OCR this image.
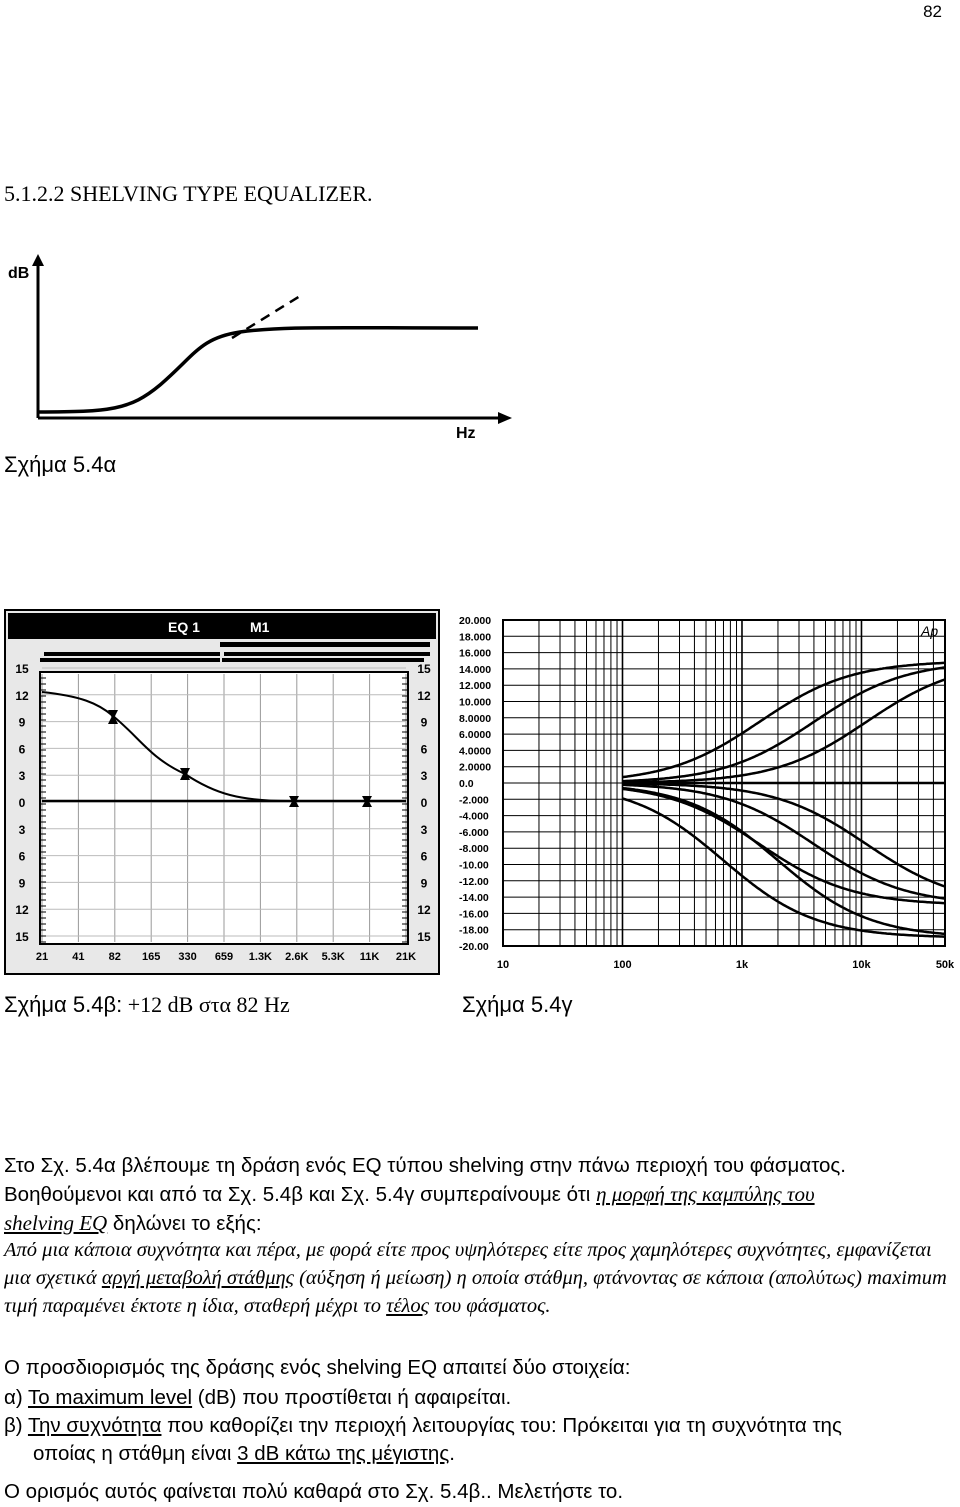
82
5.1.2.2 SHELVING TYPE EQUALIZER.
dB
Hz
Σχήμα 5.4α
EQ 1	M1
21 41 82 165 330 659 1.3K 2.6K 5.3K 11K 21K
15	15
12	12
9	9
6	6
3	3
0	0
3	3
6	6
9	9
12	12
15	15
20.000
18.000
16.000
14.000
12.000
10.000
8.0000
6.0000
4.0000
2.0000
0.0
-2.000
-4.000
-6.000
-8.000
-10.00
-12.00
-14.00
-16.00
-18.00
-20.00
10	100	1k	10k	50k
Ap
Σχήμα 5.4β: +12 dB στα 82 Hz	Σχήμα 5.4γ
Στο Σχ. 5.4α βλέπουμε τη δράση ενός EQ τύπου shelving στην πάνω περιοχή του φάσματος.
Βοηθούμενοι και από τα Σχ. 5.4β και Σχ. 5.4γ συμπεραίνουμε ότι η μορφή της καμπύλης του
shelving EQ δηλώνει το εξής:
Από μια κάποια συχνότητα και πέρα, με φορά είτε προς υψηλότερες είτε προς χαμηλότερες συχνότητες, εμφανίζεται μια σχετικά αργή μεταβολή στάθμης (αύξηση ή μείωση) η οποία στάθμη, φτάνοντας σε κάποια (απολύτως) maximum τιμή παραμένει έκτοτε η ίδια, σταθερή μέχρι το τέλος του φάσματος.
Ο προσδιορισμός της δράσης ενός shelving EQ απαιτεί δύο στοιχεία:
α) Το maximum level (dB) που προστίθεται ή αφαιρείται.
β) Την συχνότητα που καθορίζει την περιοχή λειτουργίας του: Πρόκειται για τη συχνότητα της
οποίας η στάθμη είναι 3 dB κάτω της μέγιστης.
Ο ορισμός αυτός φαίνεται πολύ καθαρά στο Σχ. 5.4β.. Μελετήστε το.
